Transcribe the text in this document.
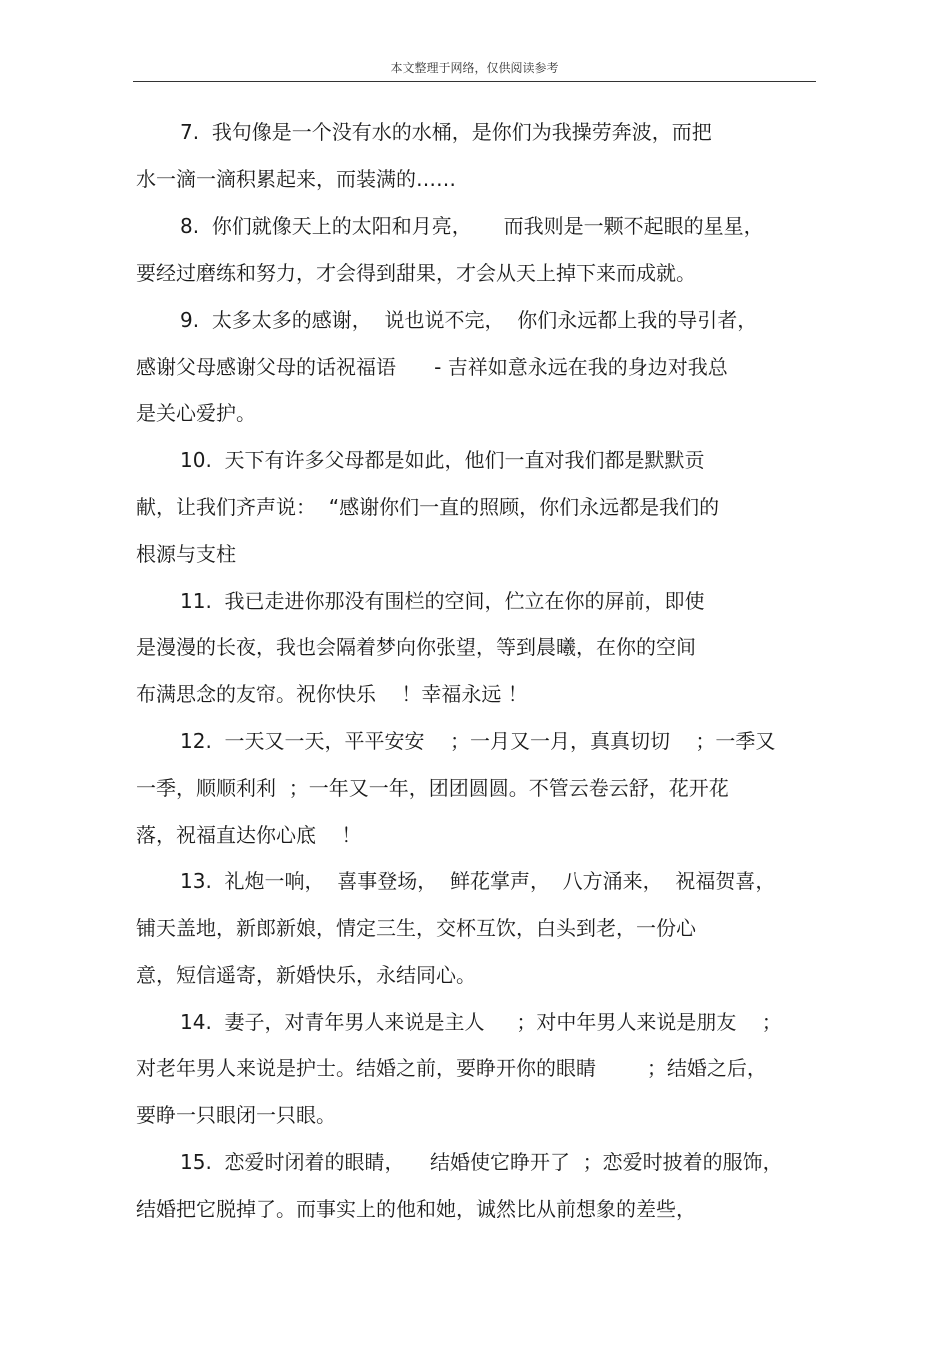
本文整理于网络，仅供阅读参考
7. 我句像是一个没有水的水桶，是你们为我操劳奔波，而把
水一滴一滴积累起来，而装满的……
8. 你们就像天上的太阳和月亮，     而我则是一颗不起眼的星星，
要经过磨练和努力，才会得到甜果，才会从天上掉下来而成就。
9. 太多太多的感谢，  说也说不完，  你们永远都上我的导引者，
感谢父母感谢父母的话祝福语      - 吉祥如意永远在我的身边对我总
是关心爱护。
10. 天下有许多父母都是如此，他们一直对我们都是默默贡
献，让我们齐声说：  “感谢你们一直的照顾，你们永远都是我们的
根源与支柱
11. 我已走进你那没有围栏的空间，伫立在你的屏前，即使
是漫漫的长夜，我也会隔着梦向你张望，等到晨曦，在你的空间
布满思念的友帘。祝你快乐    ！幸福永远 ！
12. 一天又一天，平平安安    ；一月又一月，真真切切    ；一季又
一季，顺顺利利  ；一年又一年，团团圆圆。不管云卷云舒，花开花
落，祝福直达你心底    ！
13. 礼炮一响，  喜事登场，  鲜花掌声，  八方涌来，  祝福贺喜，
铺天盖地，新郎新娘，情定三生，交杯互饮，白头到老，一份心
意，短信遥寄，新婚快乐，永结同心。
14. 妻子，对青年男人来说是主人     ；对中年男人来说是朋友    ；
对老年男人来说是护士。结婚之前，要睁开你的眼睛        ；结婚之后，
要睁一只眼闭一只眼。
15. 恋爱时闭着的眼睛，    结婚使它睁开了  ；恋爱时披着的服饰，
结婚把它脱掉了。而事实上的他和她，诚然比从前想象的差些，
